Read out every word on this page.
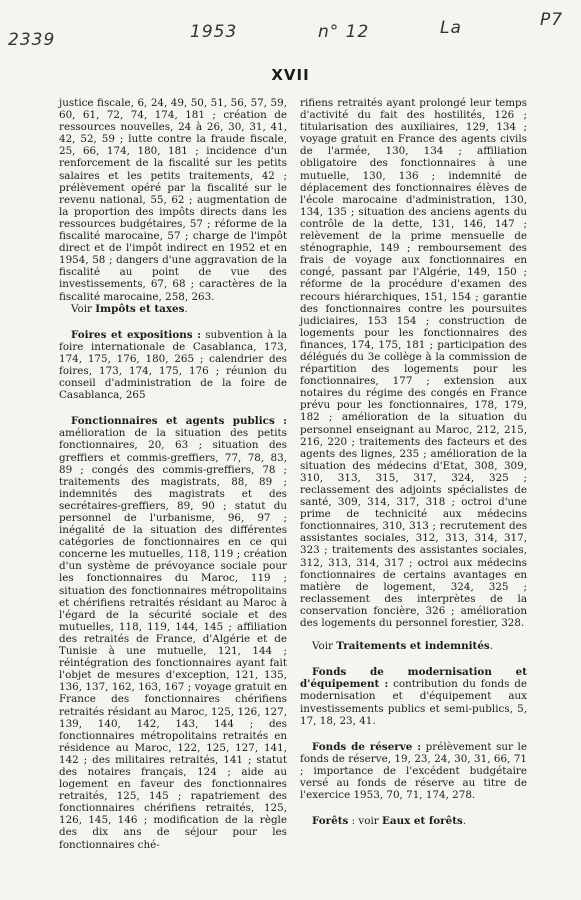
2339	1953	n° 12	La	P7
XVII

justice fiscale, 6, 24, 49, 50, 51, 56, 57, 59, 60, 61, 72, 74, 174, 181 ; création de ressources nouvelles, 24 à 26, 30, 31, 41, 42, 52, 59 ; lutte contre la fraude fiscale, 25, 66, 174, 180, 181 ; incidence d'un renforcement de la fiscalité sur les petits salaires et les petits traitements, 42 ; prélèvement opéré par la fiscalité sur le revenu national, 55, 62 ; augmentation de la proportion des impôts directs dans les ressources budgétaires, 57 ; réforme de la fiscalité marocaine, 57 ; charge de l'impôt direct et de l'impôt indirect en 1952 et en 1954, 58 ; dangers d'une aggravation de la fiscalité au point de vue des investissements, 67, 68 ; caractères de la fiscalité marocaine, 258, 263.

Voir Impôts et taxes.

Foires et expositions : subvention à la foire internationale de Casablanca, 173, 174, 175, 176, 180, 265 ; calendrier des foires, 173, 174, 175, 176 ; réunion du conseil d'administration de la foire de Casablanca, 265

Fonctionnaires et agents publics : amélioration de la situation des petits fonctionnaires, 20, 63 ; situation des greffiers et commis-greffiers, 77, 78, 83, 89 ; congés des commis-greffiers, 78 ; traitements des magistrats, 88, 89 ; indemnités des magistrats et des secrétaires-greffiers, 89, 90 ; statut du personnel de l'urbanisme, 96, 97 ; inégalité de la situation des différentes catégories de fonctionnaires en ce qui concerne les mutuelles, 118, 119 ; création d'un système de prévoyance sociale pour les fonctionnaires du Maroc, 119 ; situation des fonctionnaires métropolitains et chérifiens retraités résidant au Maroc à l'égard de la sécurité sociale et des mutuelles, 118, 119, 144, 145 ; affiliation des retraités de France, d'Algérie et de Tunisie à une mutuelle, 121, 144 ; réintégration des fonctionnaires ayant fait l'objet de mesures d'exception, 121, 135, 136, 137, 162, 163, 167 ; voyage gratuit en France des fonctionnaires chérifiens retraités résidant au Maroc, 125, 126, 127, 139, 140, 142, 143, 144 ; des fonctionnaires métropolitains retraités en résidence au Maroc, 122, 125, 127, 141, 142 ; des militaires retraités, 141 ; statut des notaires français, 124 ; aide au logement en faveur des fonctionnaires retraités, 125, 145 ; rapatriement des fonctionnaires chérifiens retraités, 125, 126, 145, 146 ; modification de la règle des dix ans de séjour pour les fonctionnaires ché-

rifiens retraités ayant prolongé leur temps d'activité du fait des hostilités, 126 ; titularisation des auxiliaires, 129, 134 ; voyage gratuit en France des agents civils de l'armée, 130, 134 ; affiliation obligatoire des fonctionnaires à une mutuelle, 130, 136 ; indemnité de déplacement des fonctionnaires élèves de l'école marocaine d'administration, 130, 134, 135 ; situation des anciens agents du contrôle de la dette, 131, 146, 147 ; relèvement de la prime mensuelle de sténographie, 149 ; remboursement des frais de voyage aux fonctionnaires en congé, passant par l'Algérie, 149, 150 ; réforme de la procédure d'examen des recours hiérarchiques, 151, 154 ; garantie des fonctionnaires contre les poursuites judiciaires, 153 154 ; construction de logements pour les fonctionnaires des finances, 174, 175, 181 ; participation des délégués du 3e collège à la commission de répartition des logements pour les fonctionnaires, 177 ; extension aux notaires du régime des congés en France prévu pour les fonctionnaires, 178, 179, 182 ; amélioration de la situation du personnel enseignant au Maroc, 212, 215, 216, 220 ; traitements des facteurs et des agents des lignes, 235 ; amélioration de la situation des médecins d'Etat, 308, 309, 310, 313, 315, 317, 324, 325 ; reclassement des adjoints spécialistes de santé, 309, 314, 317, 318 ; octroi d'une prime de technicité aux médecins fonctionnaires, 310, 313 ; recrutement des assistantes sociales, 312, 313, 314, 317, 323 ; traitements des assistantes sociales, 312, 313, 314, 317 ; octroi aux médecins fonctionnaires de certains avantages en matière de logement, 324, 325 ; reclassement des interprètes de la conservation foncière, 326 ; amélioration des logements du personnel forestier, 328.

Voir Traitements et indemnités.

Fonds de modernisation et d'équipement : contribution du fonds de modernisation et d'équipement aux investissements publics et semi-publics, 5, 17, 18, 23, 41.

Fonds de réserve : prélèvement sur le fonds de réserve, 19, 23, 24, 30, 31, 66, 71 ; importance de l'excédent budgétaire versé au fonds de réserve au titre de l'exercice 1953, 70, 71, 174, 278.

Forêts : voir Eaux et forêts.
